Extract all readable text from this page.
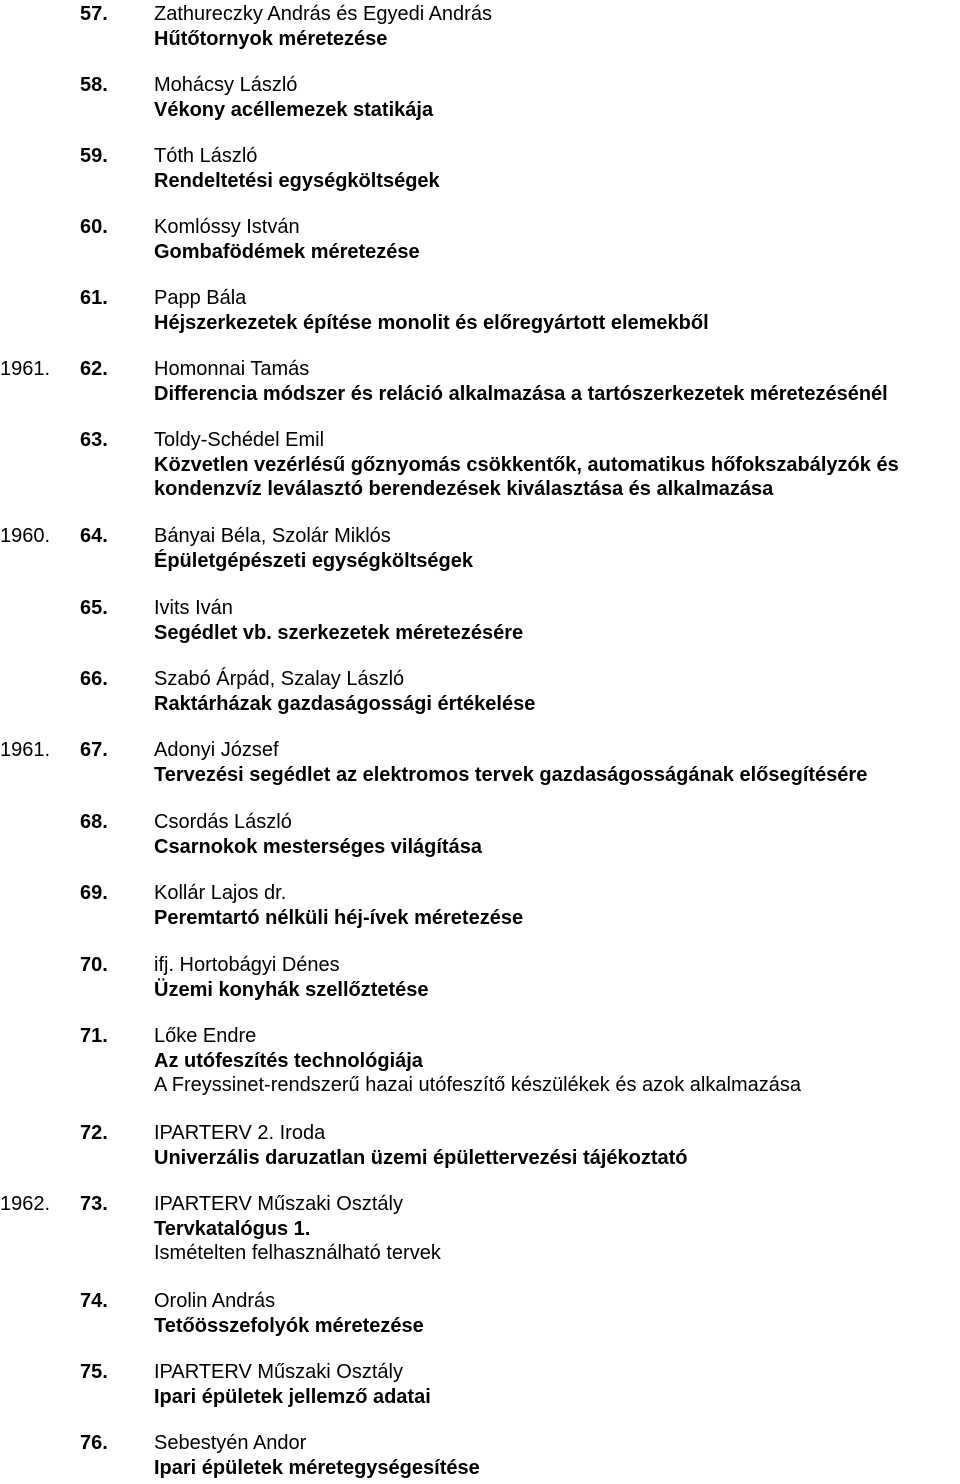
57. Zathureczky András és Egyedi András
Hűtőtornyok méretezése
58. Mohácsy László
Vékony acéllemezek statikája
59. Tóth László
Rendeltetési egységköltségek
60. Komlóssy István
Gombafödémek méretezése
61. Papp Bála
Héjszerkezetek építése monolit és előregyártott elemekből
1961. 62. Homonnai Tamás
Differencia módszer és reláció alkalmazása a tartószerkezetek méretezésénél
63. Toldy-Schédel Emil
Közvetlen vezérlésű gőznyomás csökkentők, automatikus hőfokszabályzók és
kondenzvíz leválasztó berendezések kiválasztása és alkalmazása
1960. 64. Bányai Béla, Szolár Miklós
Épületgépészeti egységköltségek
65. Ivits Iván
Segédlet vb. szerkezetek méretezésére
66. Szabó Árpád, Szalay László
Raktárházak gazdaságossági értékelése
1961. 67. Adonyi József
Tervezési segédlet az elektromos tervek gazdaságosságának elősegítésére
68. Csordás László
Csarnokok mesterséges világítása
69. Kollár Lajos dr.
Peremtartó nélküli héj-ívek méretezése
70. ifj. Hortobágyi Dénes
Üzemi konyhák szellőztetése
71. Lőke Endre
Az utófeszítés technológiája
A Freyssinet-rendszerű hazai utófeszítő készülékek és azok alkalmazása
72. IPARTERV 2. Iroda
Univerzális daruzatlan üzemi épülettervezési tájékoztató
1962. 73. IPARTERV Műszaki Osztály
Tervkatalógus 1.
Ismételten felhasználható tervek
74. Orolin András
Tetőösszefolyók méretezése
75. IPARTERV Műszaki Osztály
Ipari épületek jellemző adatai
76. Sebestyén Andor
Ipari épületek méretegységesítése
